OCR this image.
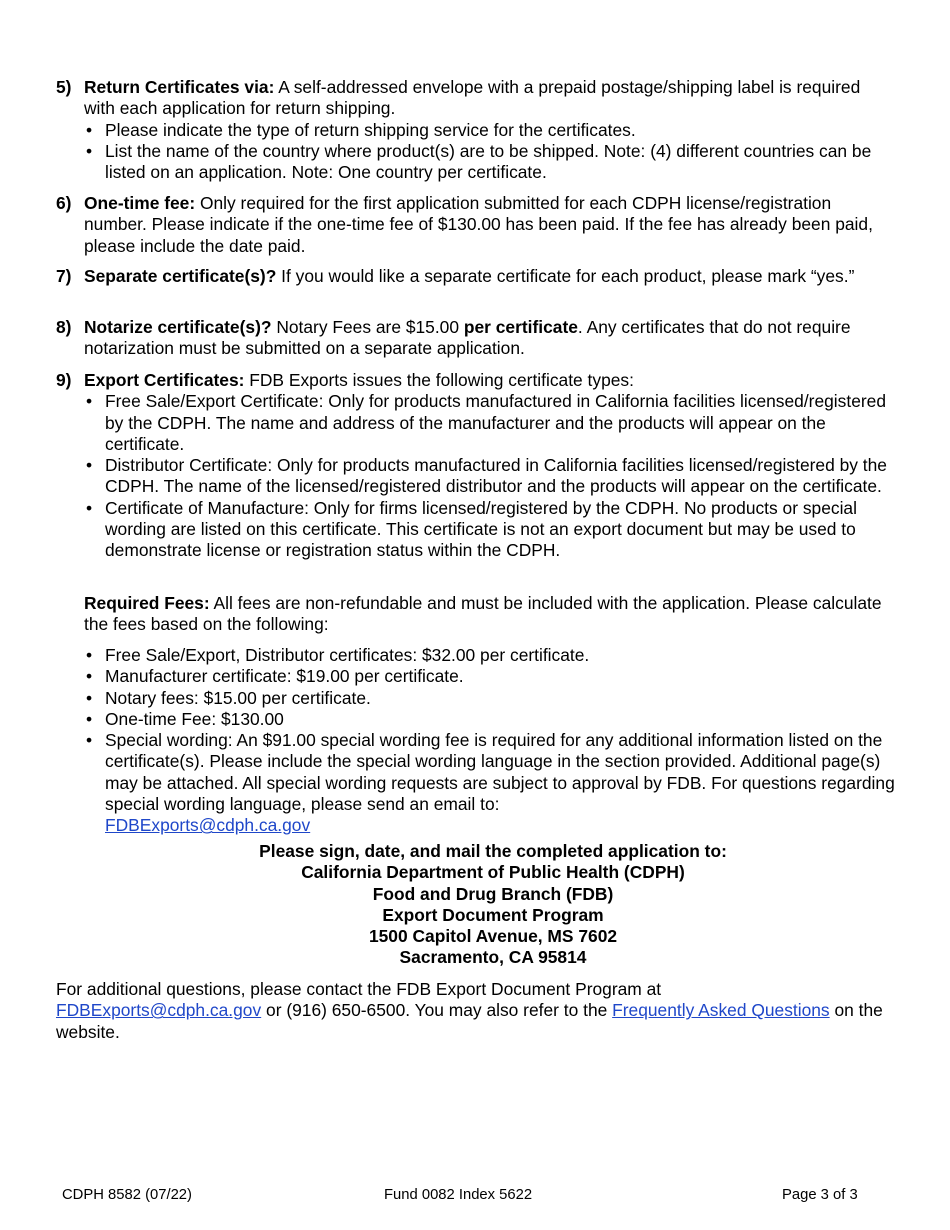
5) Return Certificates via: A self-addressed envelope with a prepaid postage/shipping label is required with each application for return shipping.
• Please indicate the type of return shipping service for the certificates.
• List the name of the country where product(s) are to be shipped. Note: (4) different countries can be listed on an application. Note: One country per certificate.
6) One-time fee: Only required for the first application submitted for each CDPH license/registration number. Please indicate if the one-time fee of $130.00 has been paid. If the fee has already been paid, please include the date paid.
7) Separate certificate(s)? If you would like a separate certificate for each product, please mark “yes.”
8) Notarize certificate(s)? Notary Fees are $15.00 per certificate. Any certificates that do not require notarization must be submitted on a separate application.
9) Export Certificates: FDB Exports issues the following certificate types:
• Free Sale/Export Certificate: Only for products manufactured in California facilities licensed/registered by the CDPH. The name and address of the manufacturer and the products will appear on the certificate.
• Distributor Certificate: Only for products manufactured in California facilities licensed/registered by the CDPH. The name of the licensed/registered distributor and the products will appear on the certificate.
• Certificate of Manufacture: Only for firms licensed/registered by the CDPH. No products or special wording are listed on this certificate. This certificate is not an export document but may be used to demonstrate license or registration status within the CDPH.
Required Fees: All fees are non-refundable and must be included with the application. Please calculate the fees based on the following:
• Free Sale/Export, Distributor certificates: $32.00 per certificate.
• Manufacturer certificate: $19.00 per certificate.
• Notary fees: $15.00 per certificate.
• One-time Fee: $130.00
• Special wording: An $91.00 special wording fee is required for any additional information listed on the certificate(s). Please include the special wording language in the section provided. Additional page(s) may be attached. All special wording requests are subject to approval by FDB. For questions regarding special wording language, please send an email to:
FDBExports@cdph.ca.gov
Please sign, date, and mail the completed application to:
California Department of Public Health (CDPH)
Food and Drug Branch (FDB)
Export Document Program
1500 Capitol Avenue, MS 7602
Sacramento, CA 95814
For additional questions, please contact the FDB Export Document Program at
FDBExports@cdph.ca.gov or (916) 650-6500. You may also refer to the Frequently Asked Questions on the website.
CDPH 8582 (07/22)	Fund 0082 Index 5622	Page 3 of 3
